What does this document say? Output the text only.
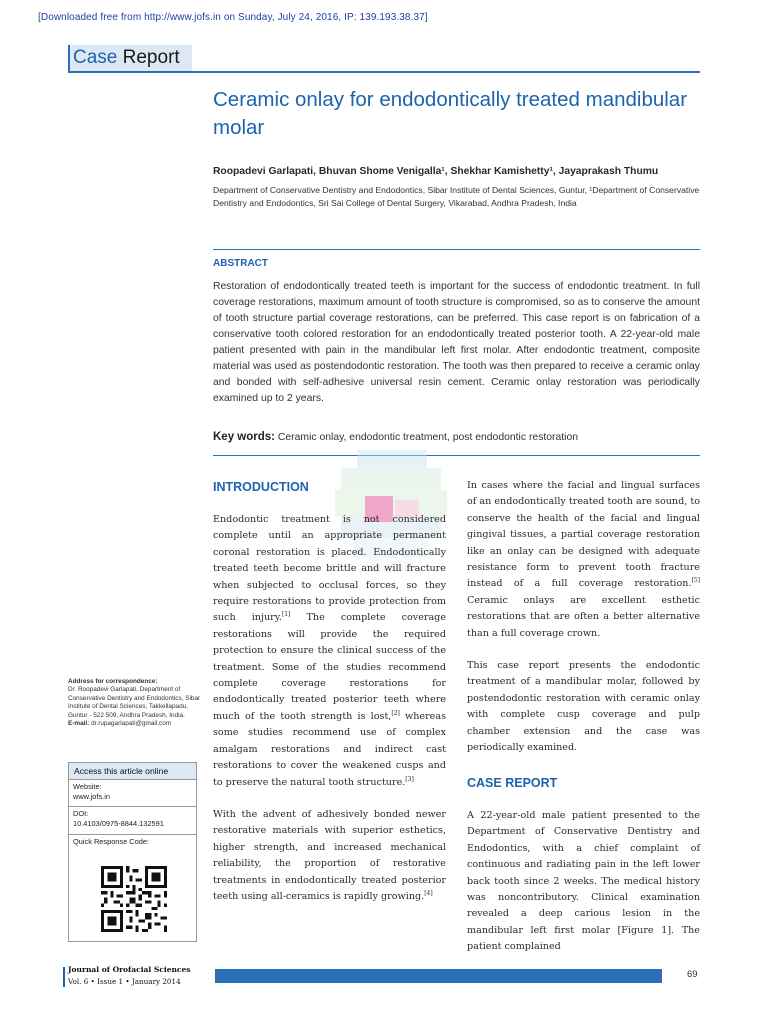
[Downloaded free from http://www.jofs.in on Sunday, July 24, 2016, IP: 139.193.38.37]
Case Report
Ceramic onlay for endodontically treated mandibular molar
Roopadevi Garlapati, Bhuvan Shome Venigalla¹, Shekhar Kamishetty¹, Jayaprakash Thumu
Department of Conservative Dentistry and Endodontics, Sibar Institute of Dental Sciences, Guntur, ¹Department of Conservative Dentistry and Endodontics, Sri Sai College of Dental Surgery, Vikarabad, Andhra Pradesh, India
ABSTRACT
Restoration of endodontically treated teeth is important for the success of endodontic treatment. In full coverage restorations, maximum amount of tooth structure is compromised, so as to conserve the amount of tooth structure partial coverage restorations, can be preferred. This case report is on fabrication of a conservative tooth colored restoration for an endodontically treated posterior tooth. A 22-year-old male patient presented with pain in the mandibular left first molar. After endodontic treatment, composite material was used as postendodontic restoration. The tooth was then prepared to receive a ceramic onlay and bonded with self-adhesive universal resin cement. Ceramic onlay restoration was periodically examined up to 2 years.
Key words: Ceramic onlay, endodontic treatment, post endodontic restoration
INTRODUCTION

Endodontic treatment is not considered complete until an appropriate permanent coronal restoration is placed. Endodontically treated teeth become brittle and will fracture when subjected to occlusal forces, so they require restorations to provide protection from such injury.[1] The complete coverage restorations will provide the required protection to ensure the clinical success of the treatment. Some of the studies recommend complete coverage restorations for endodontically treated posterior teeth where much of the tooth strength is lost,[2] whereas some studies recommend use of complex amalgam restorations and indirect cast restorations to cover the weakened cusps and to preserve the natural tooth structure.[3]

With the advent of adhesively bonded newer restorative materials with superior esthetics, higher strength, and increased mechanical reliability, the proportion of restorative treatments in endodontically treated posterior teeth using all-ceramics is rapidly growing.[4]

In cases where the facial and lingual surfaces of an endodontically treated tooth are sound, to conserve the health of the facial and lingual gingival tissues, a partial coverage restoration like an onlay can be designed with adequate resistance form to prevent tooth fracture instead of a full coverage restoration.[5] Ceramic onlays are excellent esthetic restorations that are often a better alternative than a full coverage crown.

This case report presents the endodontic treatment of a mandibular molar, followed by postendodontic restoration with ceramic onlay with complete cusp coverage and pulp chamber extension and the case was periodically examined.

CASE REPORT

A 22-year-old male patient presented to the Department of Conservative Dentistry and Endodontics, with a chief complaint of continuous and radiating pain in the left lower back tooth since 2 weeks. The medical history was noncontributory. Clinical examination revealed a deep carious lesion in the mandibular left first molar [Figure 1]. The patient complained

Address for correspondence:
Dr. Roopadevi Garlapati, Department of Conservative Dentistry and Endodontics, Sibar Institute of Dental Sciences, Takkellapadu, Guntur - 522 509, Andhra Pradesh, India.
E-mail: dr.rupagarlapati@gmail.com
Access this article online
Website:
www.jofs.in
DOI:
10.4103/0975-8844.132591
Quick Response Code:
Journal of Orofacial Sciences
Vol. 6 • Issue 1 • January 2014
69
